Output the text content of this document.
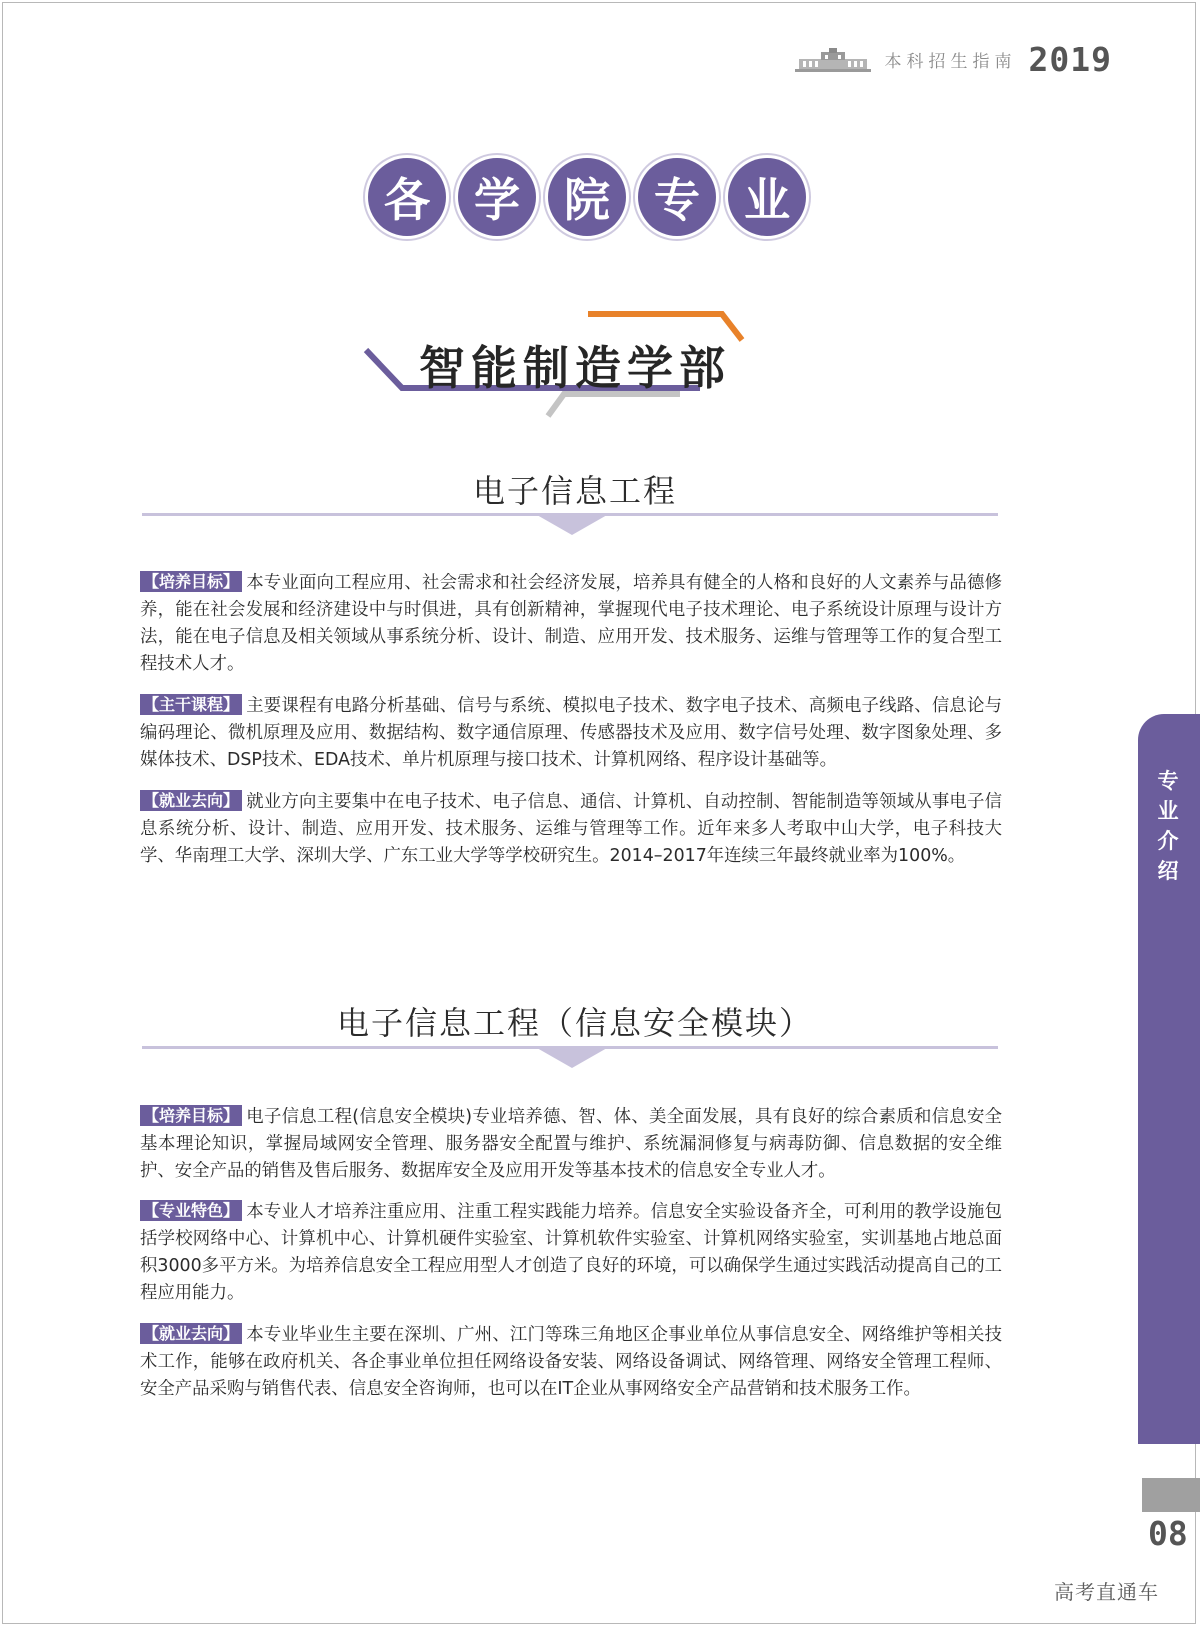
本科招生指南 2019
各 学 院 专 业
智能制造学部
电子信息工程
【培养目标】 本专业面向工程应用、社会需求和社会经济发展，培养具有健全的人格和良好的人文素养与品德修养，能在社会发展和经济建设中与时俱进，具有创新精神，掌握现代电子技术理论、电子系统设计原理与设计方法，能在电子信息及相关领域从事系统分析、设计、制造、应用开发、技术服务、运维与管理等工作的复合型工程技术人才。
【主干课程】 主要课程有电路分析基础、信号与系统、模拟电子技术、数字电子技术、高频电子线路、信息论与编码理论、微机原理及应用、数据结构、数字通信原理、传感器技术及应用、数字信号处理、数字图象处理、多媒体技术、DSP技术、EDA技术、单片机原理与接口技术、计算机网络、程序设计基础等。
【就业去向】 就业方向主要集中在电子技术、电子信息、通信、计算机、自动控制、智能制造等领域从事电子信息系统分析、设计、制造、应用开发、技术服务、运维与管理等工作。近年来多人考取中山大学，电子科技大学、华南理工大学、深圳大学、广东工业大学等学校研究生。2014–2017年连续三年最终就业率为100%。
电子信息工程（信息安全模块）
【培养目标】 电子信息工程(信息安全模块)专业培养德、智、体、美全面发展，具有良好的综合素质和信息安全基本理论知识，掌握局域网安全管理、服务器安全配置与维护、系统漏洞修复与病毒防御、信息数据的安全维护、安全产品的销售及售后服务、数据库安全及应用开发等基本技术的信息安全专业人才。
【专业特色】 本专业人才培养注重应用、注重工程实践能力培养。信息安全实验设备齐全，可利用的教学设施包括学校网络中心、计算机中心、计算机硬件实验室、计算机软件实验室、计算机网络实验室，实训基地占地总面积3000多平方米。为培养信息安全工程应用型人才创造了良好的环境，可以确保学生通过实践活动提高自己的工程应用能力。
【就业去向】 本专业毕业生主要在深圳、广州、江门等珠三角地区企事业单位从事信息安全、网络维护等相关技术工作，能够在政府机关、各企事业单位担任网络设备安装、网络设备调试、网络管理、网络安全管理工程师、安全产品采购与销售代表、信息安全咨询师，也可以在IT企业从事网络安全产品营销和技术服务工作。
专
业
介
绍
08
高考直通车
